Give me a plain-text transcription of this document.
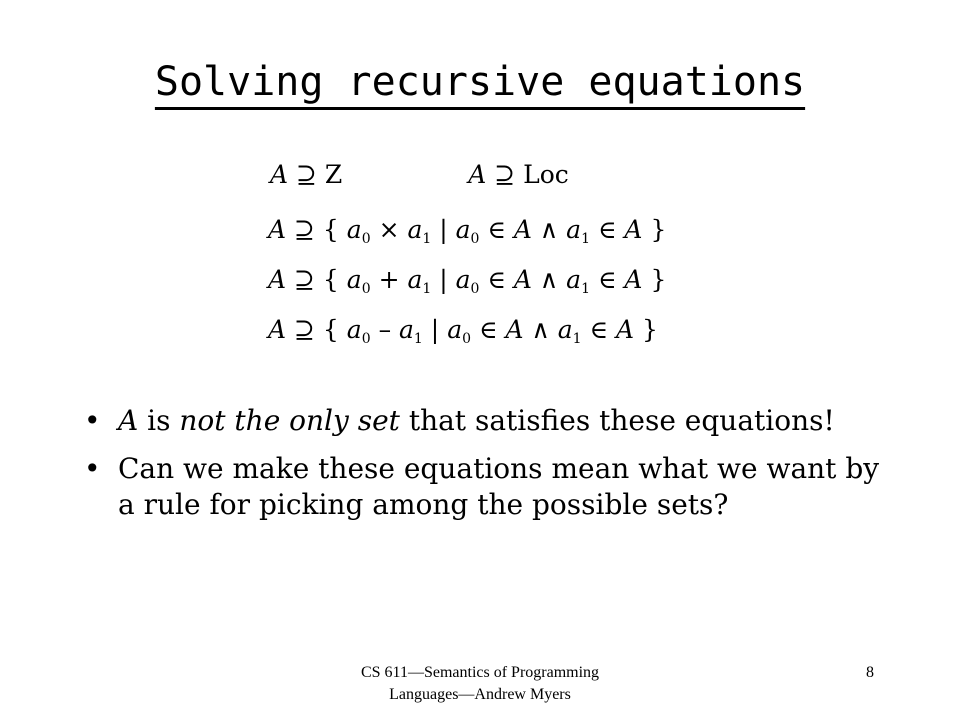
Solving recursive equations
A ⊇ Z	A ⊇ Loc
A ⊇ { $a_0 \times a_1$ | $a_0$ ∈ A ∧ $a_1$ ∈ A }
A ⊇ { $a_0 + a_1$ | $a_0$ ∈ A ∧ $a_1$ ∈ A }
A ⊇ { $a_0 - a_1$ | $a_0$ ∈ A ∧ $a_1$ ∈ A }
• A is not the only set that satisfies these equations!
• Can we make these equations mean what we want by a rule for picking among the possible sets?
CS 611—Semantics of Programming
Languages—Andrew Myers
8
